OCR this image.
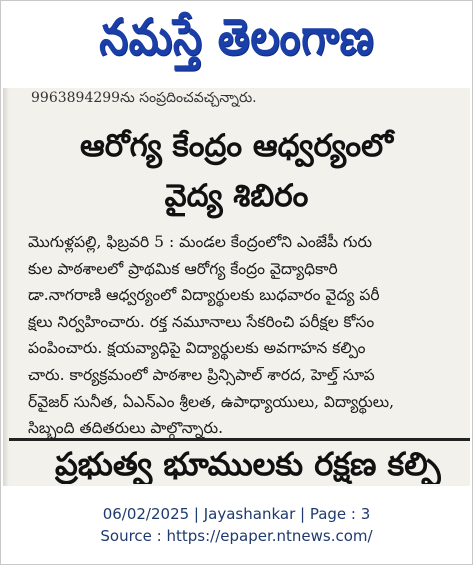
నమస్తే తెలంగాణ
9963894299ను సంప్రదించవచ్చన్నారు.
ఆరోగ్య కేంద్రం ఆధ్వర్యంలో
వైద్య శిబిరం
మొగుళ్లపల్లి, ఫిబ్రవరి 5 : మండల కేంద్రంలోని ఎంజేపీ గురు
కుల పాఠశాలలో ప్రాథమిక ఆరోగ్య కేంద్రం వైద్యాధికారి
డా.నాగరాణి ఆధ్వర్యంలో విద్యార్థులకు బుధవారం వైద్య పరీ
క్షలు నిర్వహించారు. రక్త నమూనాలు సేకరించి పరీక్షల కోసం
పంపించారు. క్షయవ్యాధిపై విద్యార్థులకు అవగాహన కల్పిం
చారు. కార్యక్రమంలో పాఠశాల ప్రిన్సిపాల్ శారద, హెల్త్ సూప
ర్‌వైజర్ సునీత, ఏఎన్‌ఎం శ్రీలత, ఉపాధ్యాయులు, విద్యార్థులు,
సిబ్బంది తదితరులు పాల్గొన్నారు.
ప్రభుత్వ భూములకు రక్షణ కల్పి
06/02/2025 | Jayashankar | Page : 3
Source : https://epaper.ntnews.com/
